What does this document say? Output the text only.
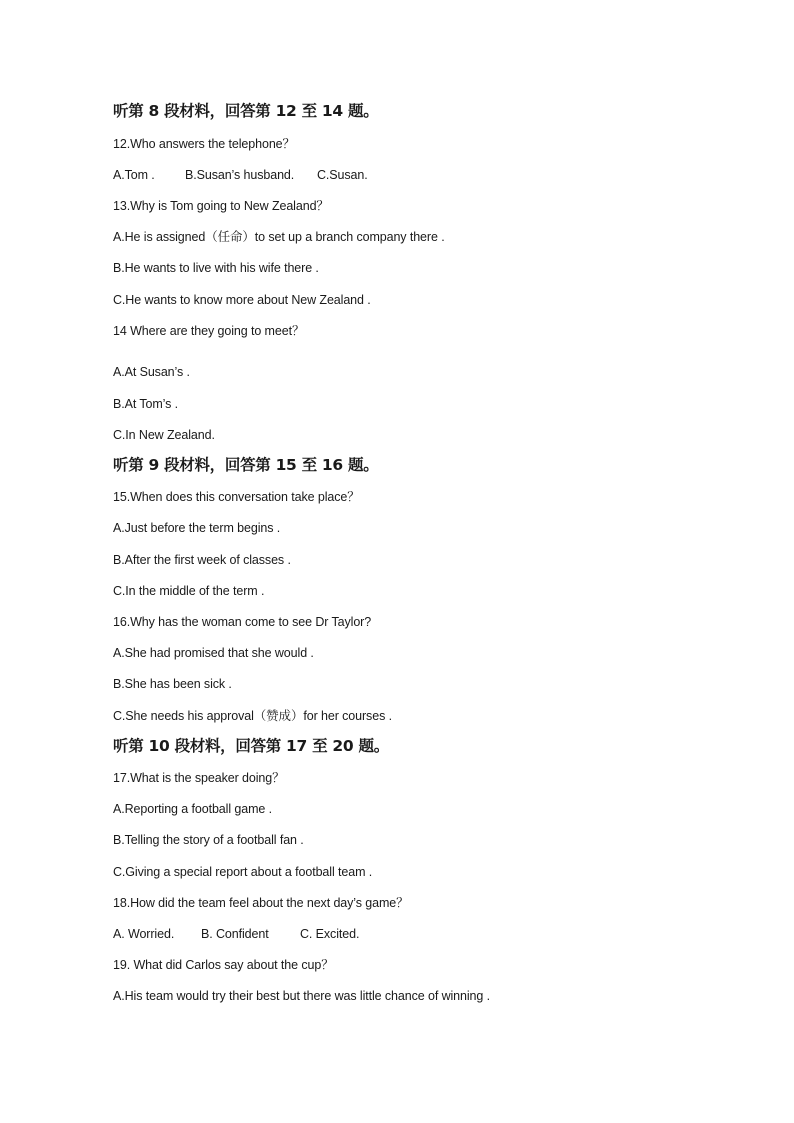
听第 8 段材料，回答第 12 至 14 题。
12.Who answers the telephone？
A.Tom . B.Susan’s husband. C.Susan.
13.Why is Tom going to New Zealand？
A.He is assigned（任命）to set up a branch company there .
B.He wants to live with his wife there .
C.He wants to know more about New Zealand .
14 Where are they going to meet？
A.At Susan’s .
B.At Tom’s .
C.In New Zealand.
听第 9 段材料，回答第 15 至 16 题。
15.When does this conversation take place？
A.Just before the term begins .
B.After the first week of classes .
C.In the middle of the term .
16.Why has the woman come to see Dr Taylor?
A.She had promised that she would .
B.She has been sick .
C.She needs his approval（赞成）for her courses .
听第 10 段材料，回答第 17 至 20 题。
17.What is the speaker doing？
A.Reporting a football game .
B.Telling the story of a football fan .
C.Giving a special report about a football team .
18.How did the team feel about the next day’s game？
A. Worried. B. Confident	C. Excited.
19. What did Carlos say about the cup？
A.His team would try their best but there was little chance of winning .
